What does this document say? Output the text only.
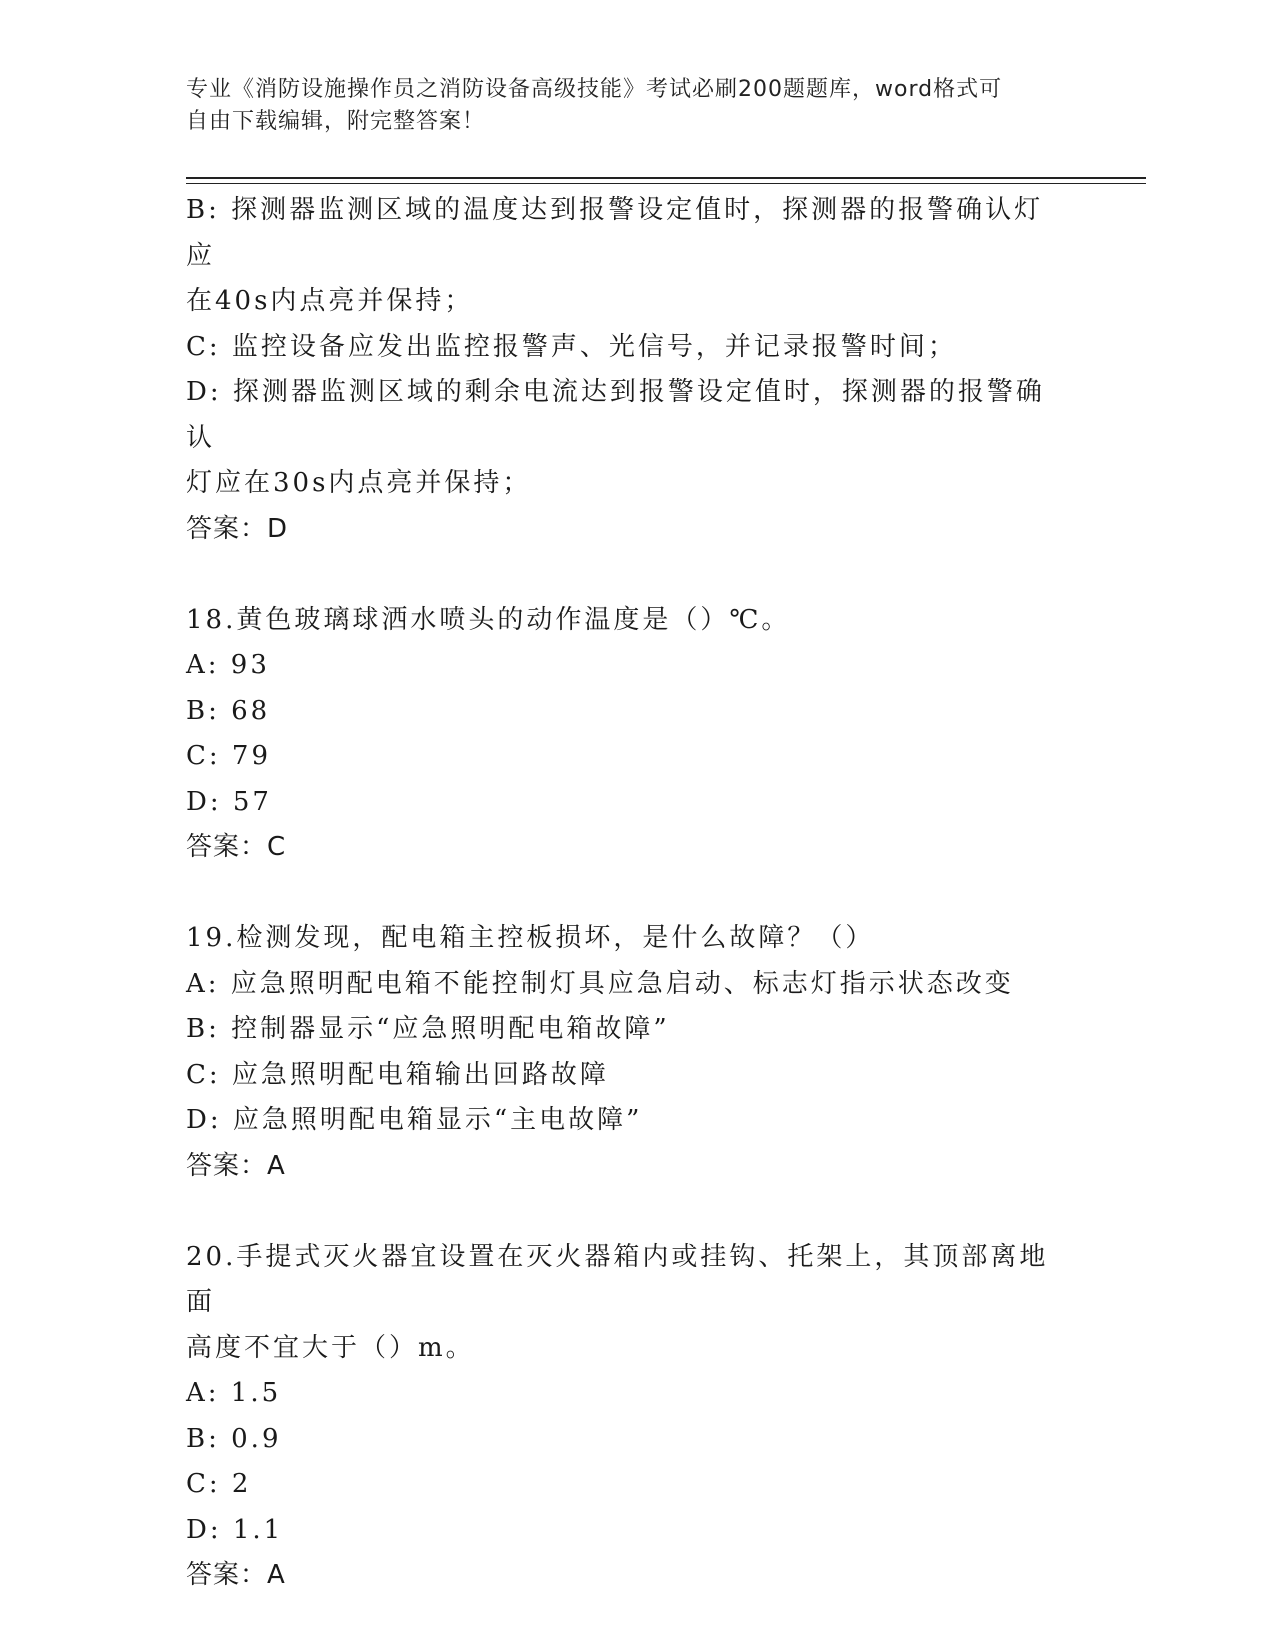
专业《消防设施操作员之消防设备高级技能》考试必刷200题题库，word格式可
自由下载编辑，附完整答案！
B: 探测器监测区域的温度达到报警设定值时，探测器的报警确认灯应
在40s内点亮并保持；
C: 监控设备应发出监控报警声、光信号，并记录报警时间；
D: 探测器监测区域的剩余电流达到报警设定值时，探测器的报警确认
灯应在30s内点亮并保持；
答案：D
18.黄色玻璃球洒水喷头的动作温度是（）℃。
A: 93
B: 68
C: 79
D: 57
答案：C
19.检测发现，配电箱主控板损坏，是什么故障？（）
A: 应急照明配电箱不能控制灯具应急启动、标志灯指示状态改变
B: 控制器显示“应急照明配电箱故障”
C: 应急照明配电箱输出回路故障
D: 应急照明配电箱显示“主电故障”
答案：A
20.手提式灭火器宜设置在灭火器箱内或挂钩、托架上，其顶部离地面
高度不宜大于（）m。
A: 1.5
B: 0.9
C: 2
D: 1.1
答案：A
